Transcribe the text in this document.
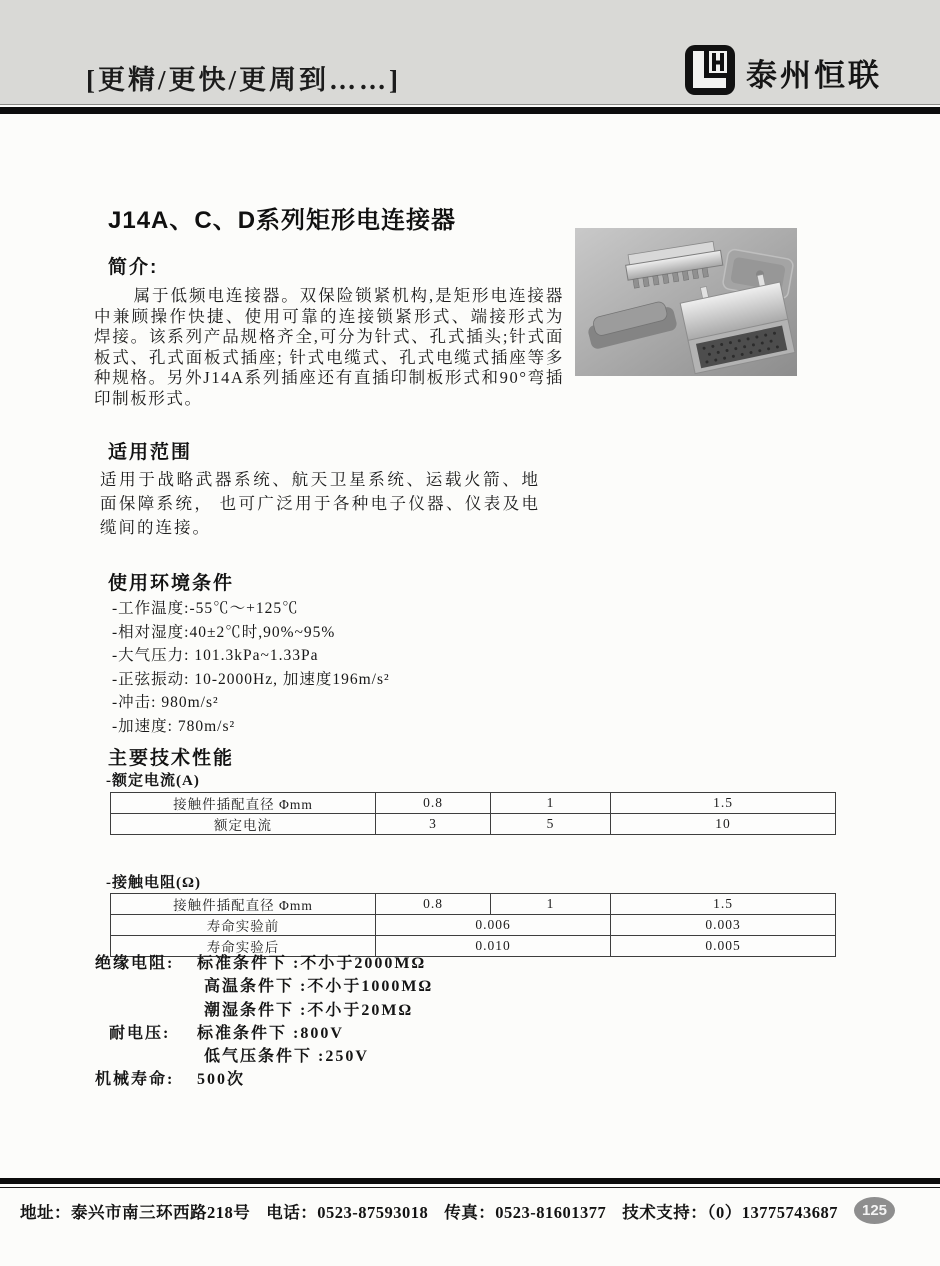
[更精/更快/更周到……]	泰州恒联
J14A、C、D系列矩形电连接器
简介:
属于低频电连接器。双保险锁紧机构,是矩形电连接器中兼顾操作快捷、使用可靠的连接锁紧形式、端接形式为焊接。该系列产品规格齐全,可分为针式、孔式插头;针式面板式、孔式面板式插座; 针式电缆式、孔式电缆式插座等多种规格。另外J14A系列插座还有直插印制板形式和90°弯插印制板形式。
适用范围
适用于战略武器系统、航天卫星系统、运载火箭、地面保障系统， 也可广泛用于各种电子仪器、仪表及电缆间的连接。
使用环境条件
-工作温度:-55℃～+125℃
-相对湿度:40±2℃时,90%~95%
-大气压力: 101.3kPa~1.33Pa
-正弦振动: 10-2000Hz, 加速度196m/s²
-冲击: 980m/s²
-加速度: 780m/s²
主要技术性能
-额定电流(A)
接触件插配直径 Φmm	0.8	1	1.5
额定电流	3	5	10
-接触电阻(Ω)
接触件插配直径 Φmm	0.8	1	1.5
寿命实验前	0.006		0.003
寿命实验后	0.010		0.005
绝缘电阻:	标准条件下 :不小于2000MΩ
高温条件下 :不小于1000MΩ
潮湿条件下 :不小于20MΩ
耐电压:	标准条件下 :800V
低气压条件下 :250V
机械寿命:	500次
地址：泰兴市南三环西路218号 电话：0523-87593018 传真：0523-81601377 技术支持：（0）13775743687	125
